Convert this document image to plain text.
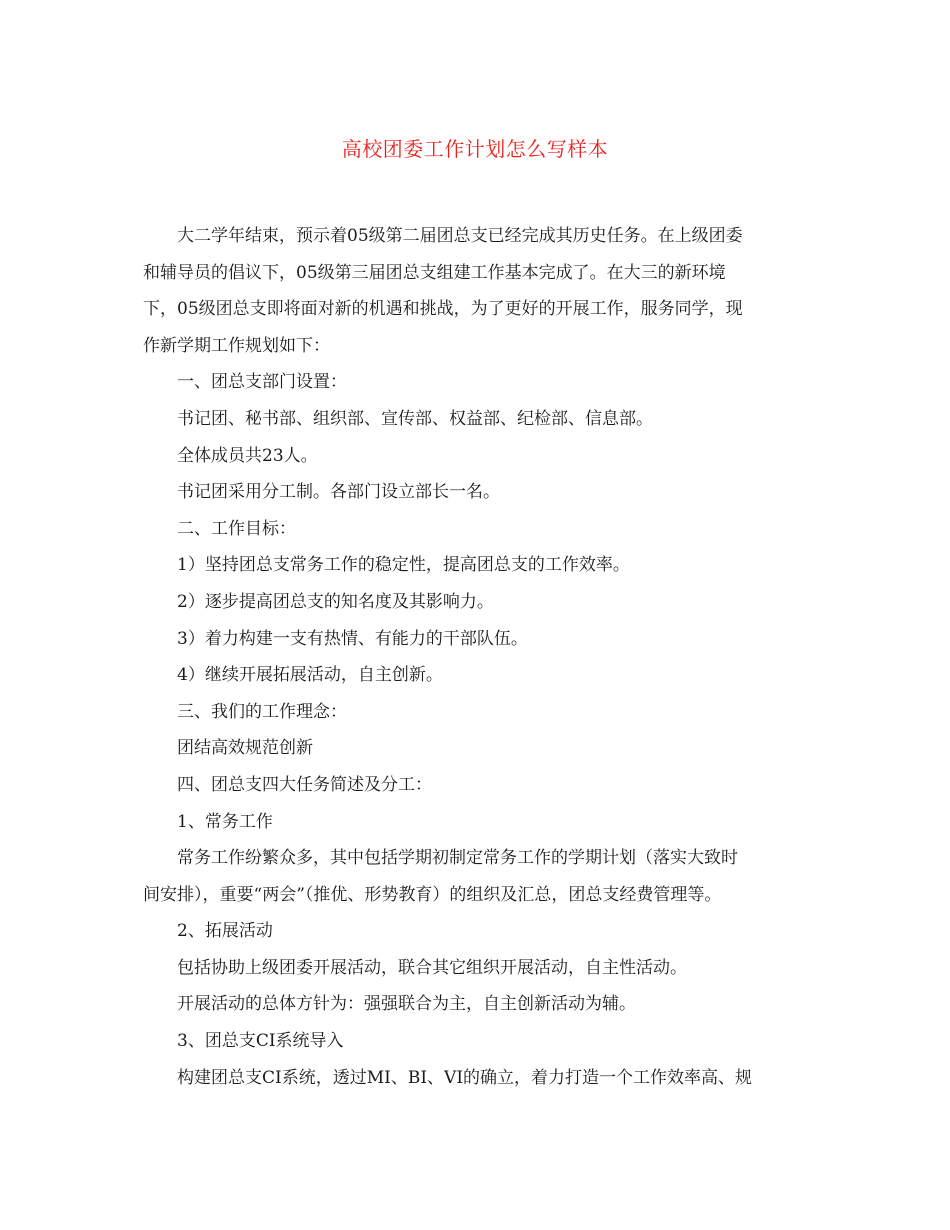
高校团委工作计划怎么写样本
大二学年结束，预示着05级第二届团总支已经完成其历史任务。在上级团委
和辅导员的倡议下，05级第三届团总支组建工作基本完成了。在大三的新环境
下，05级团总支即将面对新的机遇和挑战，为了更好的开展工作，服务同学，现
作新学期工作规划如下：
一、团总支部门设置：
书记团、秘书部、组织部、宣传部、权益部、纪检部、信息部。
全体成员共23人。
书记团采用分工制。各部门设立部长一名。
二、工作目标：
1）坚持团总支常务工作的稳定性，提高团总支的工作效率。
2）逐步提高团总支的知名度及其影响力。
3）着力构建一支有热情、有能力的干部队伍。
4）继续开展拓展活动，自主创新。
三、我们的工作理念：
团结高效规范创新
四、团总支四大任务简述及分工：
1、常务工作
常务工作纷繁众多，其中包括学期初制定常务工作的学期计划（落实大致时
间安排），重要“两会”（推优、形势教育）的组织及汇总，团总支经费管理等。
2、拓展活动
包括协助上级团委开展活动，联合其它组织开展活动，自主性活动。
开展活动的总体方针为：强强联合为主，自主创新活动为辅。
3、团总支CI系统导入
构建团总支CI系统，透过MI、BI、VI的确立，着力打造一个工作效率高、规
